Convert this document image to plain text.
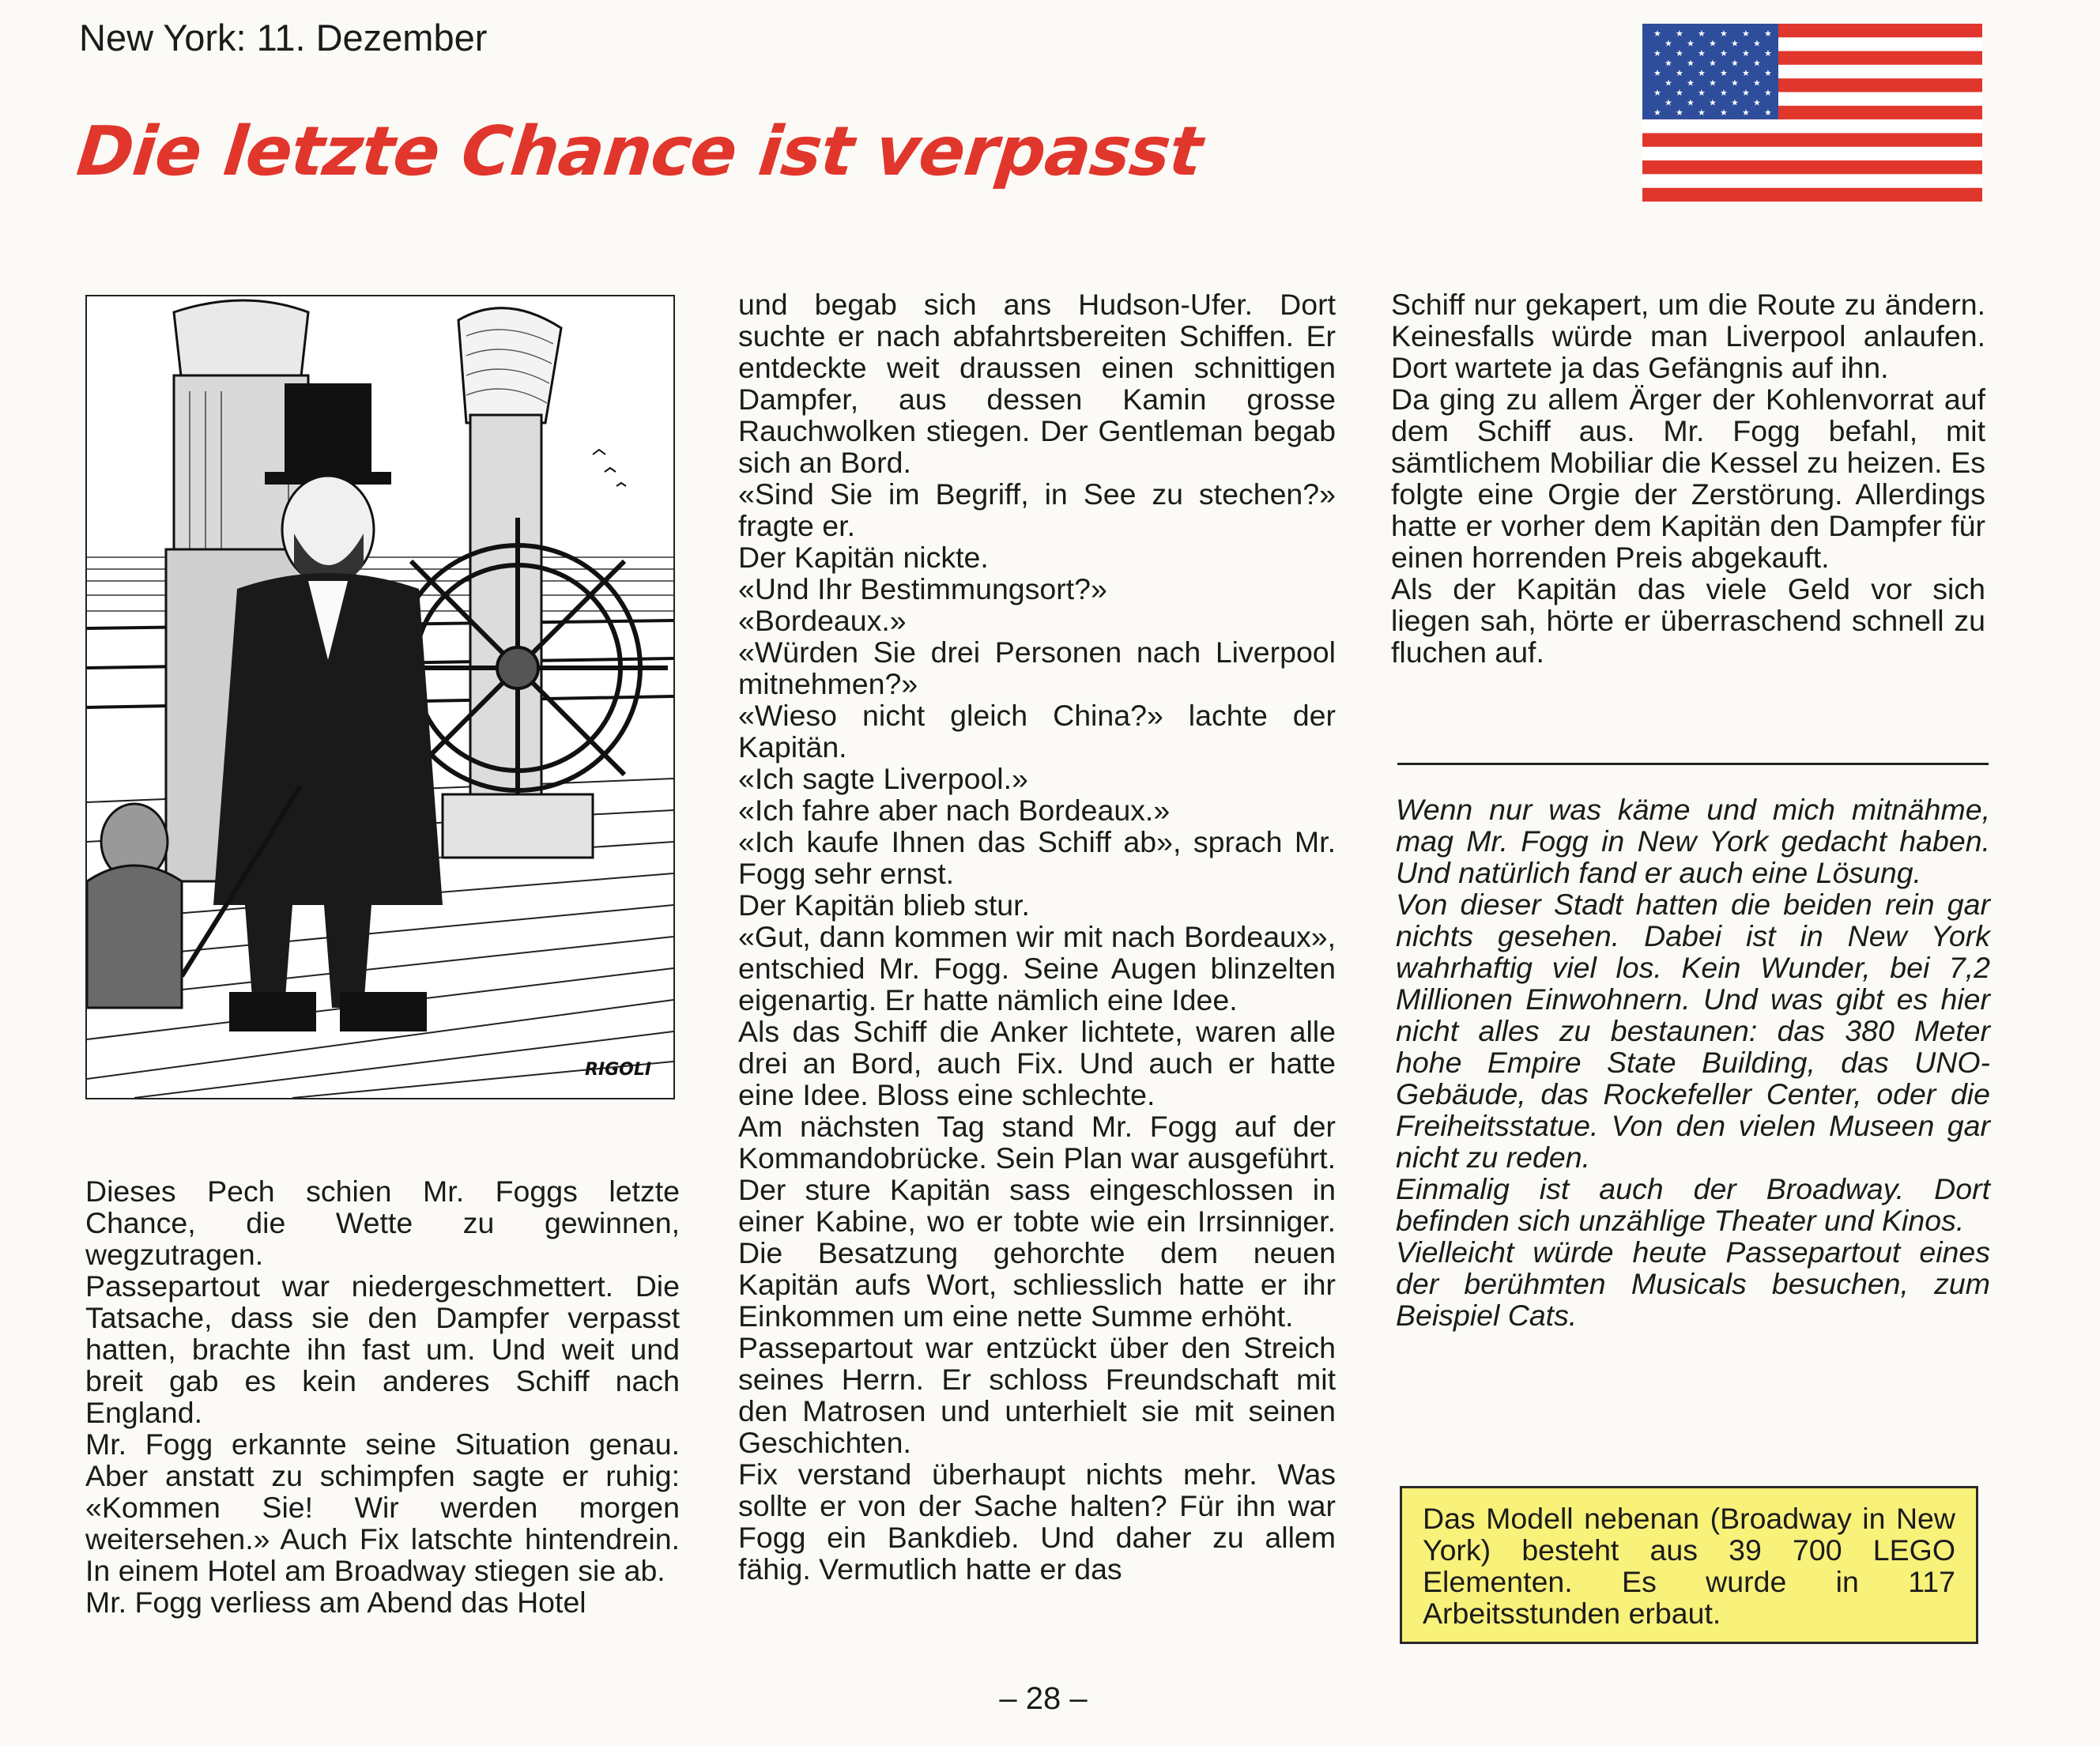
New York: 11. Dezember
Die letzte Chance ist verpasst
★ ★ ★ ★ ★ ★
★ ★ ★ ★ ★
★ ★ ★ ★ ★ ★
★ ★ ★ ★ ★
★ ★ ★ ★ ★ ★
★ ★ ★ ★ ★
★ ★ ★ ★ ★ ★
★ ★ ★ ★ ★
★ ★ ★ ★ ★ ★
RIGOLI

Dieses Pech schien Mr. Foggs letzte Chance, die Wette zu gewinnen, wegzutragen.

Passepartout war niedergeschmettert. Die Tatsache, dass sie den Dampfer verpasst hatten, brachte ihn fast um. Und weit und breit gab es kein anderes Schiff nach England.

Mr. Fogg erkannte seine Situation genau. Aber anstatt zu schimpfen sagte er ruhig: «Kommen Sie! Wir werden morgen weitersehen.» Auch Fix latschte hintendrein. In einem Hotel am Broadway stiegen sie ab.

Mr. Fogg verliess am Abend das Hotel

und begab sich ans Hudson-Ufer. Dort suchte er nach abfahrtsbereiten Schiffen. Er entdeckte weit draussen einen schnittigen Dampfer, aus dessen Kamin grosse Rauchwolken stiegen. Der Gentleman begab sich an Bord.

«Sind Sie im Begriff, in See zu stechen?» fragte er.

Der Kapitän nickte.

«Und Ihr Bestimmungsort?»

«Bordeaux.»

«Würden Sie drei Personen nach Liverpool mitnehmen?»

«Wieso nicht gleich China?» lachte der Kapitän.

«Ich sagte Liverpool.»

«Ich fahre aber nach Bordeaux.»

«Ich kaufe Ihnen das Schiff ab», sprach Mr. Fogg sehr ernst.

Der Kapitän blieb stur.

«Gut, dann kommen wir mit nach Bordeaux», entschied Mr. Fogg. Seine Augen blinzelten eigenartig. Er hatte nämlich eine Idee.

Als das Schiff die Anker lichtete, waren alle drei an Bord, auch Fix. Und auch er hatte eine Idee. Bloss eine schlechte.

Am nächsten Tag stand Mr. Fogg auf der Kommandobrücke. Sein Plan war ausgeführt. Der sture Kapitän sass eingeschlossen in einer Kabine, wo er tobte wie ein Irrsinniger. Die Besatzung gehorchte dem neuen Kapitän aufs Wort, schliesslich hatte er ihr Einkommen um eine nette Summe erhöht.

Passepartout war entzückt über den Streich seines Herrn. Er schloss Freundschaft mit den Matrosen und unterhielt sie mit seinen Geschichten.

Fix verstand überhaupt nichts mehr. Was sollte er von der Sache halten? Für ihn war Fogg ein Bankdieb. Und daher zu allem fähig. Vermutlich hatte er das

Schiff nur gekapert, um die Route zu ändern. Keinesfalls würde man Liverpool anlaufen. Dort wartete ja das Gefängnis auf ihn.

Da ging zu allem Ärger der Kohlenvorrat auf dem Schiff aus. Mr. Fogg befahl, mit sämtlichem Mobiliar die Kessel zu heizen. Es folgte eine Orgie der Zerstörung. Allerdings hatte er vorher dem Kapitän den Dampfer für einen horrenden Preis abgekauft.

Als der Kapitän das viele Geld vor sich liegen sah, hörte er überraschend schnell zu fluchen auf.

Wenn nur was käme und mich mitnähme, mag Mr. Fogg in New York gedacht haben. Und natürlich fand er auch eine Lösung.

Von dieser Stadt hatten die beiden rein gar nichts gesehen. Dabei ist in New York wahrhaftig viel los. Kein Wunder, bei 7,2 Millionen Einwohnern. Und was gibt es hier nicht alles zu bestaunen: das 380 Meter hohe Empire State Building, das UNO-Gebäude, das Rockefeller Center, oder die Freiheitsstatue. Von den vielen Museen gar nicht zu reden.

Einmalig ist auch der Broadway. Dort befinden sich unzählige Theater und Kinos.

Vielleicht würde heute Passepartout eines der berühmten Musicals besuchen, zum Beispiel Cats.

Das Modell nebenan (Broadway in New York) besteht aus 39 700 LEGO Elementen. Es wurde in 117 Arbeitsstunden erbaut.

– 28 –
